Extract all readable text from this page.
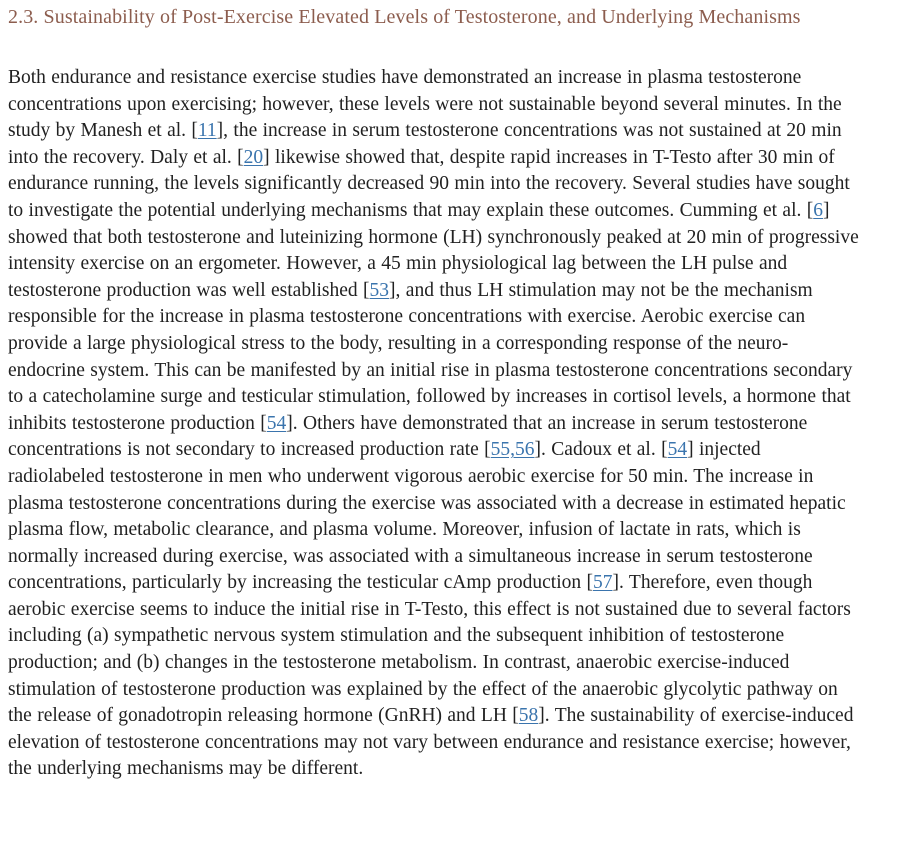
2.3. Sustainability of Post-Exercise Elevated Levels of Testosterone, and Underlying Mechanisms

Both endurance and resistance exercise studies have demonstrated an increase in plasma testosterone concentrations upon exercising; however, these levels were not sustainable beyond several minutes. In the study by Manesh et al. [11], the increase in serum testosterone concentrations was not sustained at 20 min into the recovery. Daly et al. [20] likewise showed that, despite rapid increases in T-Testo after 30 min of endurance running, the levels significantly decreased 90 min into the recovery. Several studies have sought to investigate the potential underlying mechanisms that may explain these outcomes. Cumming et al. [6] showed that both testosterone and luteinizing hormone (LH) synchronously peaked at 20 min of progressive intensity exercise on an ergometer. However, a 45 min physiological lag between the LH pulse and testosterone production was well established [53], and thus LH stimulation may not be the mechanism responsible for the increase in plasma testosterone concentrations with exercise. Aerobic exercise can provide a large physiological stress to the body, resulting in a corresponding response of the neuro-endocrine system. This can be manifested by an initial rise in plasma testosterone concentrations secondary to a catecholamine surge and testicular stimulation, followed by increases in cortisol levels, a hormone that inhibits testosterone production [54]. Others have demonstrated that an increase in serum testosterone concentrations is not secondary to increased production rate [55,56]. Cadoux et al. [54] injected radiolabeled testosterone in men who underwent vigorous aerobic exercise for 50 min. The increase in plasma testosterone concentrations during the exercise was associated with a decrease in estimated hepatic plasma flow, metabolic clearance, and plasma volume. Moreover, infusion of lactate in rats, which is normally increased during exercise, was associated with a simultaneous increase in serum testosterone concentrations, particularly by increasing the testicular cAmp production [57]. Therefore, even though aerobic exercise seems to induce the initial rise in T-Testo, this effect is not sustained due to several factors including (a) sympathetic nervous system stimulation and the subsequent inhibition of testosterone production; and (b) changes in the testosterone metabolism. In contrast, anaerobic exercise-induced stimulation of testosterone production was explained by the effect of the anaerobic glycolytic pathway on the release of gonadotropin releasing hormone (GnRH) and LH [58]. The sustainability of exercise-induced elevation of testosterone concentrations may not vary between endurance and resistance exercise; however, the underlying mechanisms may be different.
